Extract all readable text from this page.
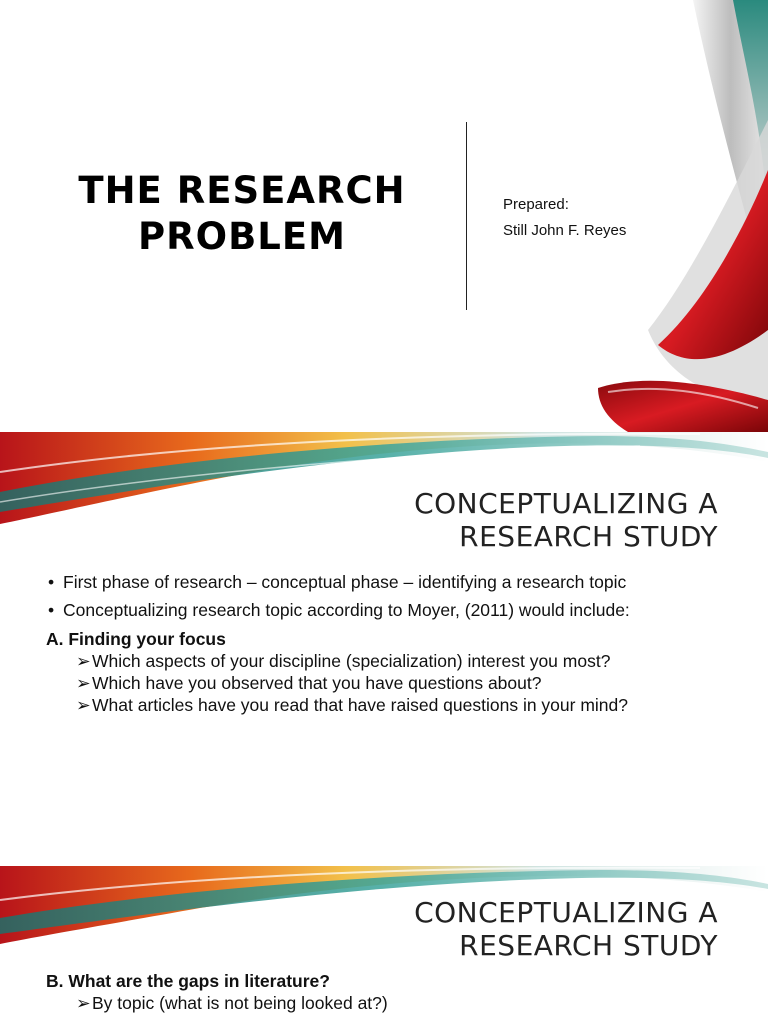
THE RESEARCH
PROBLEM
Prepared:
Still John F. Reyes
CONCEPTUALIZING A
RESEARCH STUDY
• First phase of research – conceptual phase – identifying a research topic
• Conceptualizing research topic according to Moyer, (2011) would include:
A. Finding your focus
➢ Which aspects of your discipline (specialization) interest you most?
➢ Which have you observed that you have questions about?
➢ What articles have you read that have raised questions in your mind?
CONCEPTUALIZING A
RESEARCH STUDY
B. What are the gaps in literature?
➢ By topic (what is not being looked at?)
